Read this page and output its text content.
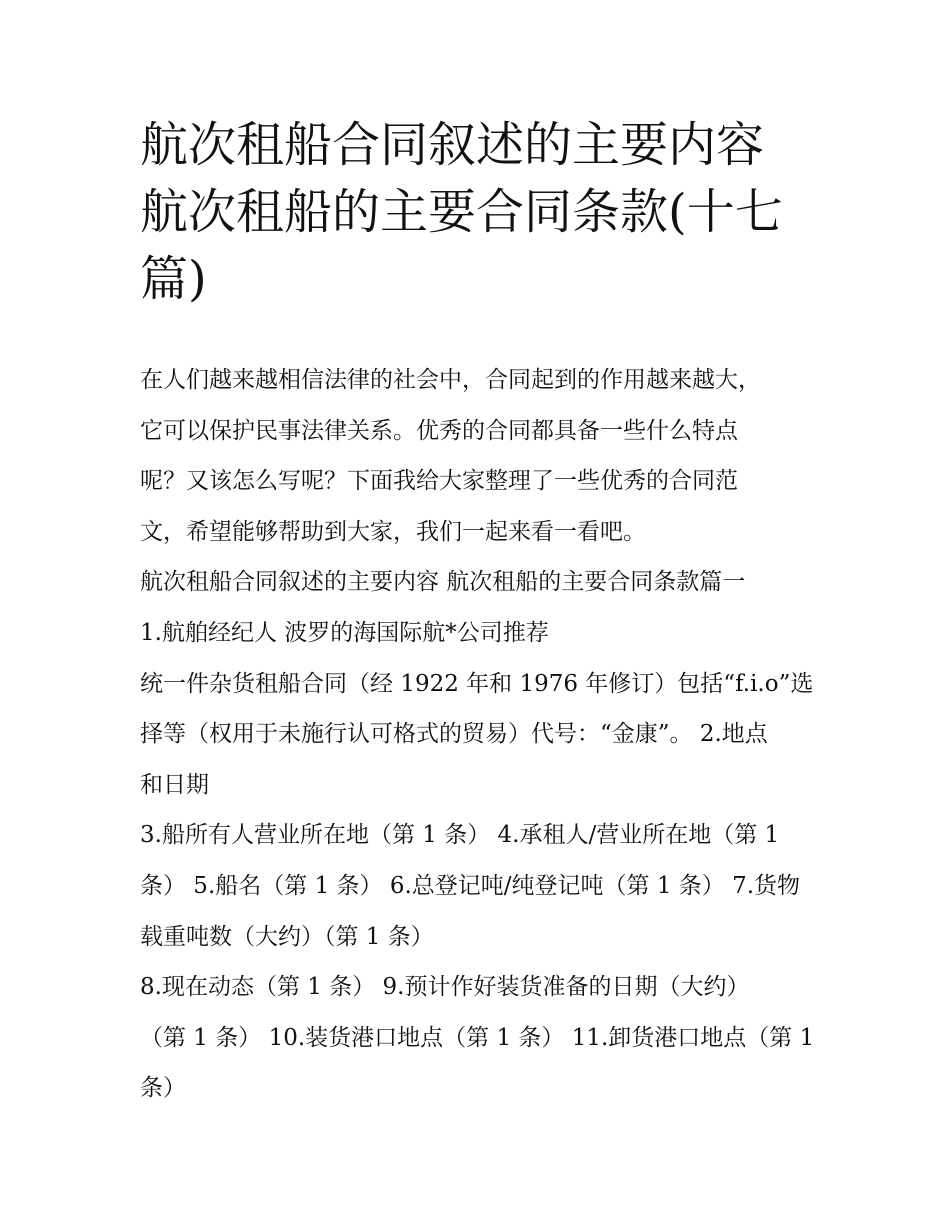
航次租船合同叙述的主要内容
航次租船的主要合同条款(十七
篇)
在人们越来越相信法律的社会中，合同起到的作用越来越大，
它可以保护民事法律关系。优秀的合同都具备一些什么特点
呢？又该怎么写呢？下面我给大家整理了一些优秀的合同范
文，希望能够帮助到大家，我们一起来看一看吧。
航次租船合同叙述的主要内容 航次租船的主要合同条款篇一
1.航舶经纪人 波罗的海国际航*公司推荐
统一件杂货租船合同（经 1922 年和 1976 年修订）包括“f.i.o”选
择等（权用于未施行认可格式的贸易）代号：“金康”。 2.地点
和日期
3.船所有人营业所在地（第 1 条） 4.承租人/营业所在地（第 1
条） 5.船名（第 1 条） 6.总登记吨/纯登记吨（第 1 条） 7.货物
载重吨数（大约）（第 1 条）
8.现在动态（第 1 条） 9.预计作好装货准备的日期（大约）
（第 1 条） 10.装货港口地点（第 1 条） 11.卸货港口地点（第 1
条）
